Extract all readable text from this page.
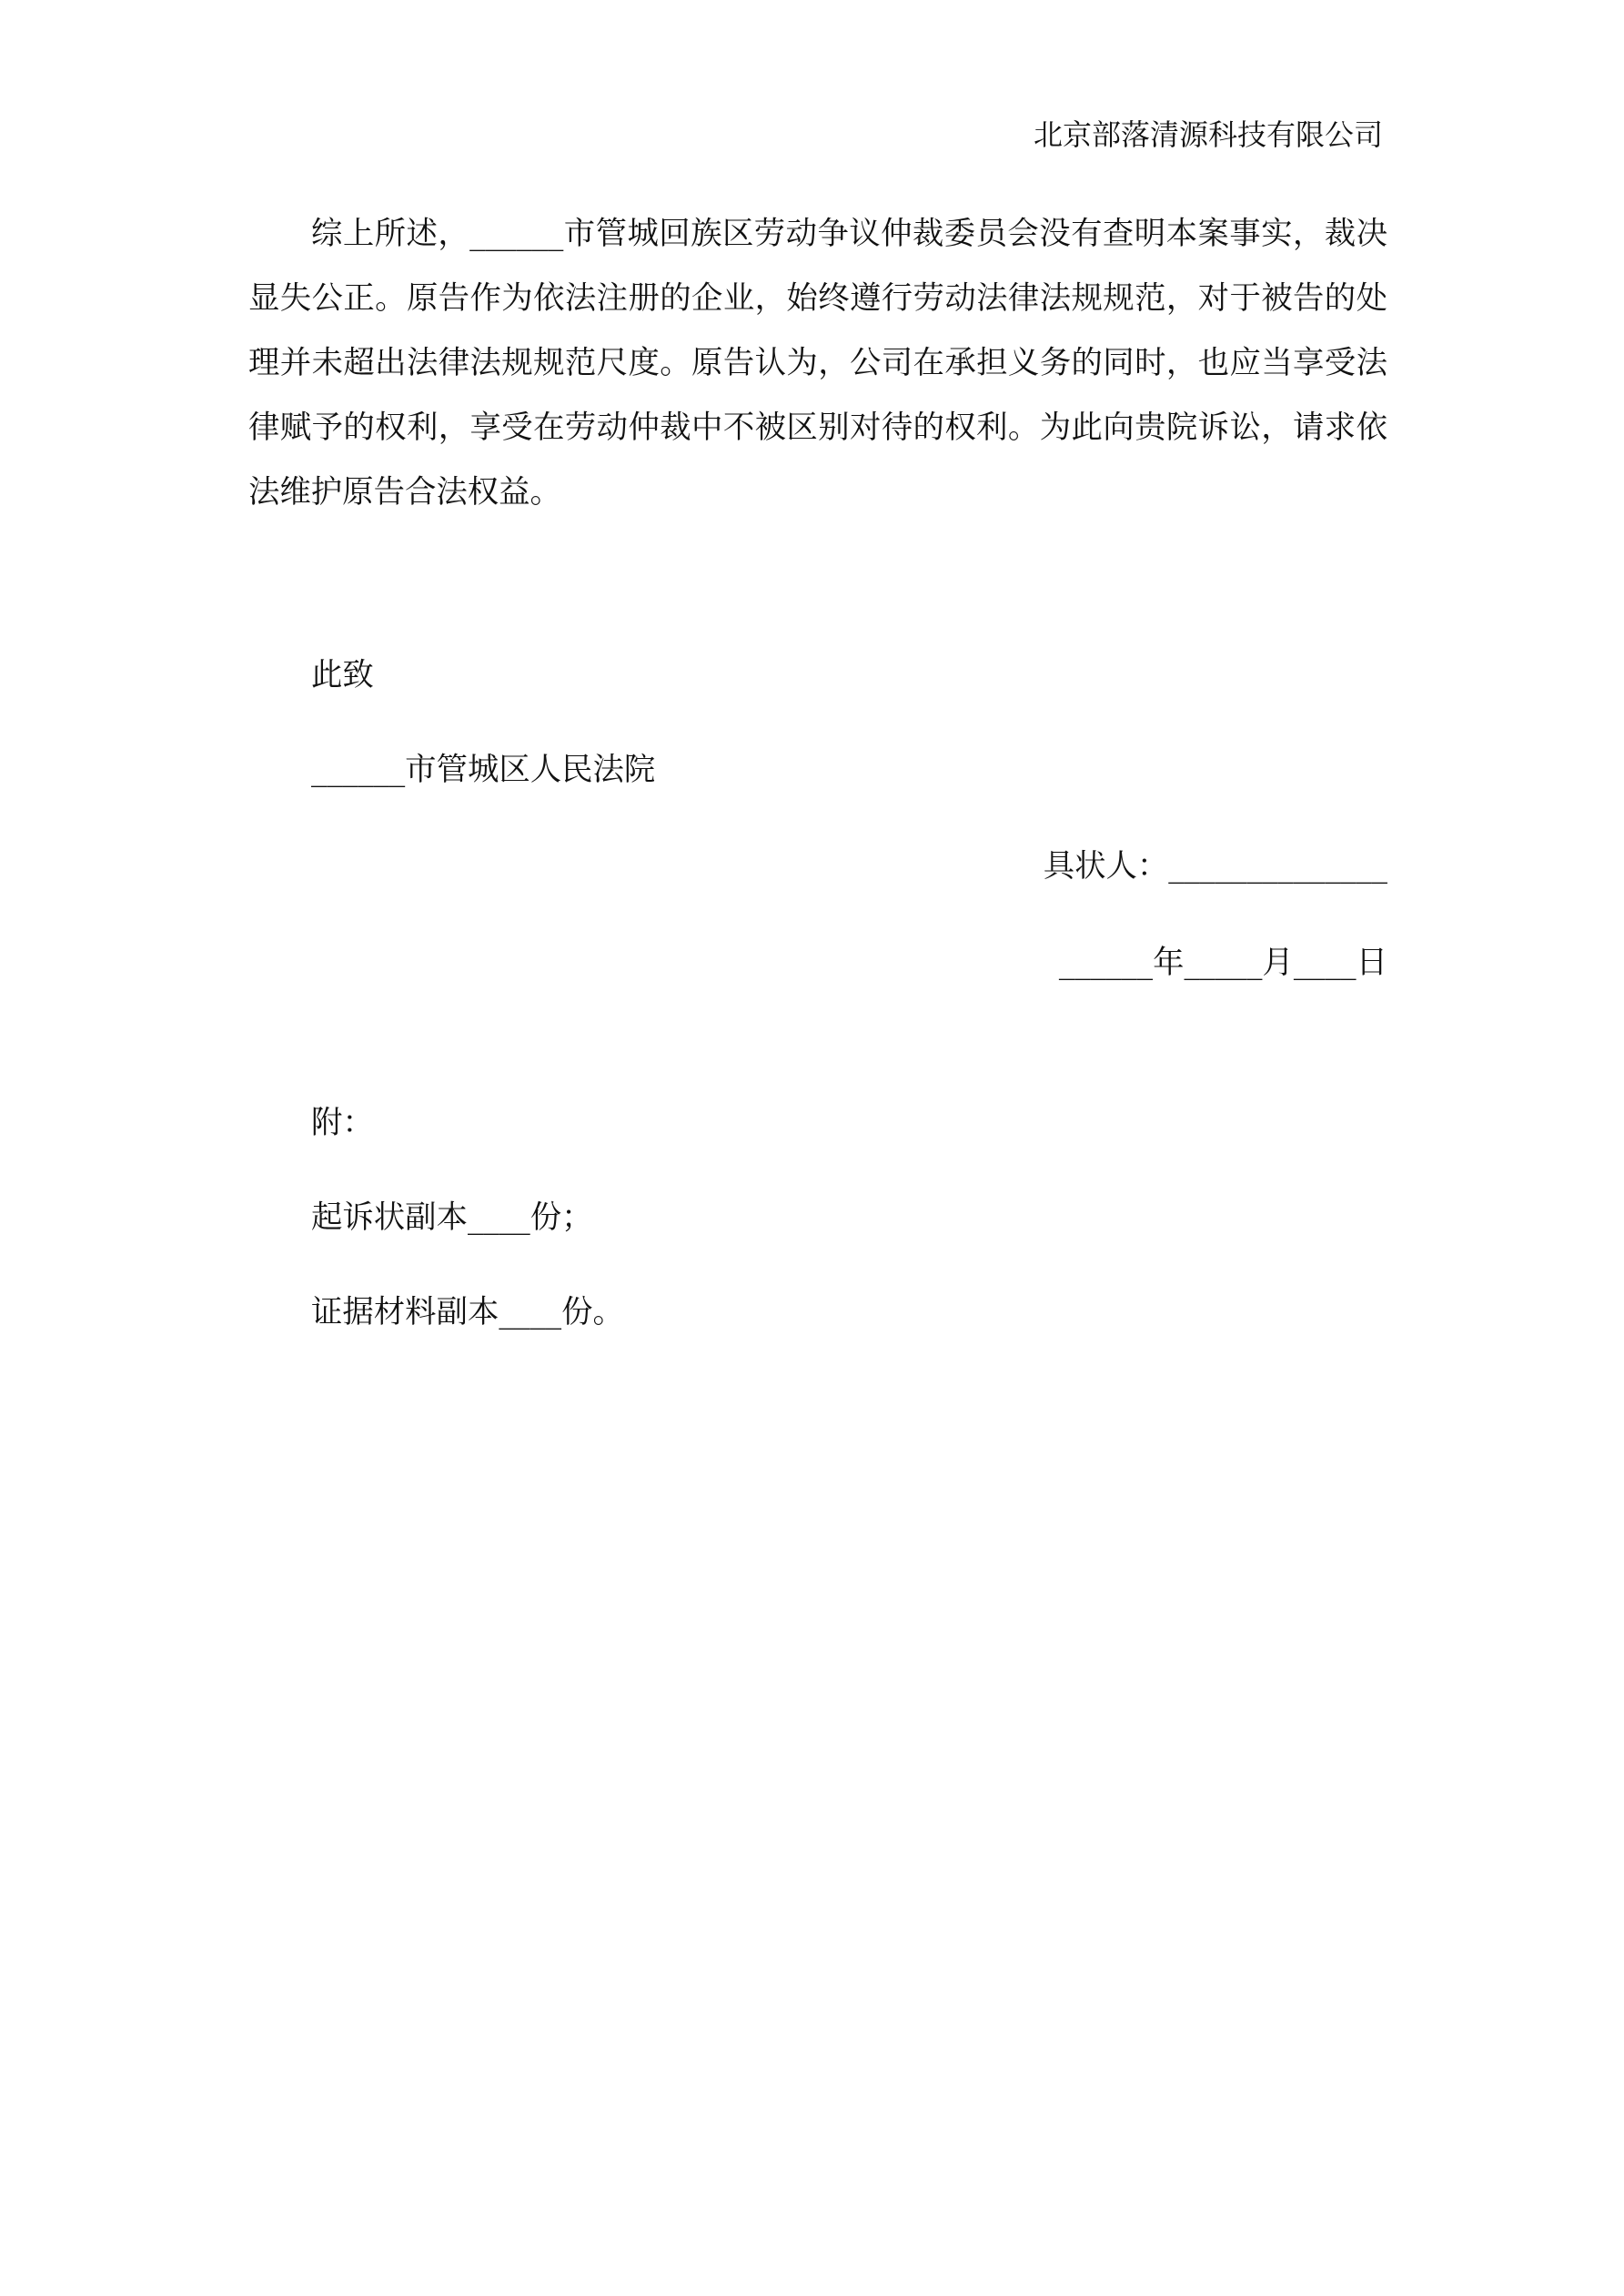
北京部落清源科技有限公司

综上所述，______市管城回族区劳动争议仲裁委员会没有查明本案事实，裁决显失公正。原告作为依法注册的企业，始终遵行劳动法律法规规范，对于被告的处理并未超出法律法规规范尺度。原告认为，公司在承担义务的同时，也应当享受法律赋予的权利，享受在劳动仲裁中不被区别对待的权利。为此向贵院诉讼，请求依法维护原告合法权益。

此致
______市管城区人民法院
具状人：______________
______年_____月____日
附：
起诉状副本____份；
证据材料副本____份。
